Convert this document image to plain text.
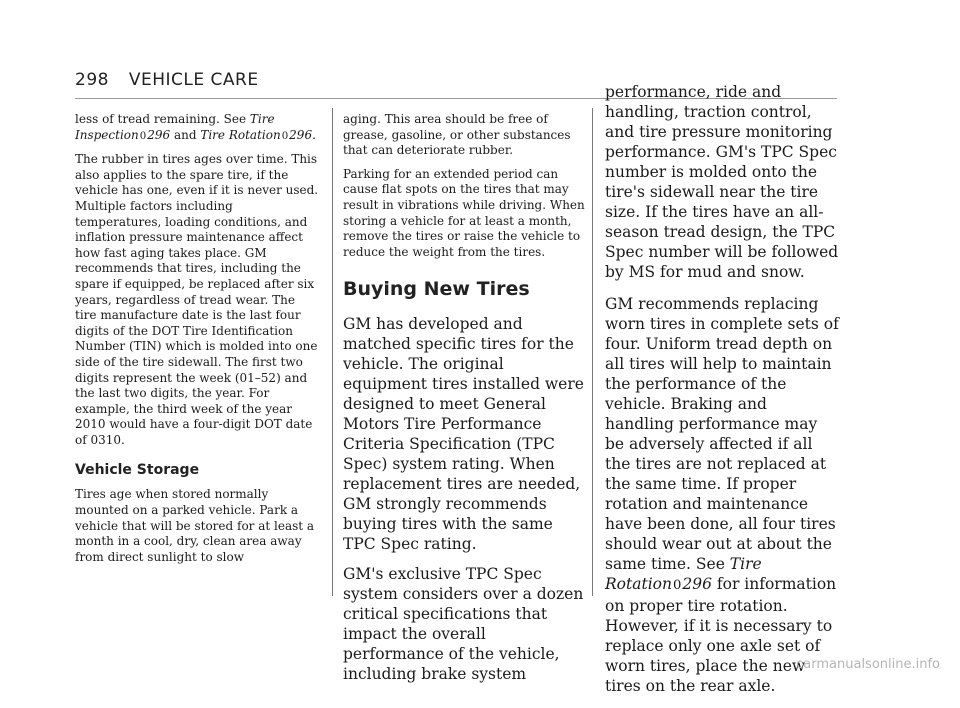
298 VEHICLE CARE

less of tread remaining. See Tire Inspection0296 and Tire Rotation0296.

The rubber in tires ages over time. This also applies to the spare tire, if the vehicle has one, even if it is never used. Multiple factors including temperatures, loading conditions, and inflation pressure maintenance affect how fast aging takes place. GM recommends that tires, including the spare if equipped, be replaced after six years, regardless of tread wear. The tire manufacture date is the last four digits of the DOT Tire Identification Number (TIN) which is molded into one side of the tire sidewall. The first two digits represent the week (01–52) and the last two digits, the year. For example, the third week of the year 2010 would have a four-digit DOT date of 0310.

Vehicle Storage

Tires age when stored normally mounted on a parked vehicle. Park a vehicle that will be stored for at least a month in a cool, dry, clean area away from direct sunlight to slow

aging. This area should be free of grease, gasoline, or other substances that can deteriorate rubber.

Parking for an extended period can cause flat spots on the tires that may result in vibrations while driving. When storing a vehicle for at least a month, remove the tires or raise the vehicle to reduce the weight from the tires.

Buying New Tires

GM has developed and matched specific tires for the vehicle. The original equipment tires installed were designed to meet General Motors Tire Performance Criteria Specification (TPC Spec) system rating. When replacement tires are needed, GM strongly recommends buying tires with the same TPC Spec rating.

GM's exclusive TPC Spec system considers over a dozen critical specifications that impact the overall performance of the vehicle, including brake system

performance, ride and handling, traction control, and tire pressure monitoring performance. GM's TPC Spec number is molded onto the tire's sidewall near the tire size. If the tires have an all-season tread design, the TPC Spec number will be followed by MS for mud and snow.

GM recommends replacing worn tires in complete sets of four. Uniform tread depth on all tires will help to maintain the performance of the vehicle. Braking and handling performance may be adversely affected if all the tires are not replaced at the same time. If proper rotation and maintenance have been done, all four tires should wear out at about the same time. See Tire Rotation0296 for information on proper tire rotation. However, if it is necessary to replace only one axle set of worn tires, place the new tires on the rear axle.

carmanualsonline.info
